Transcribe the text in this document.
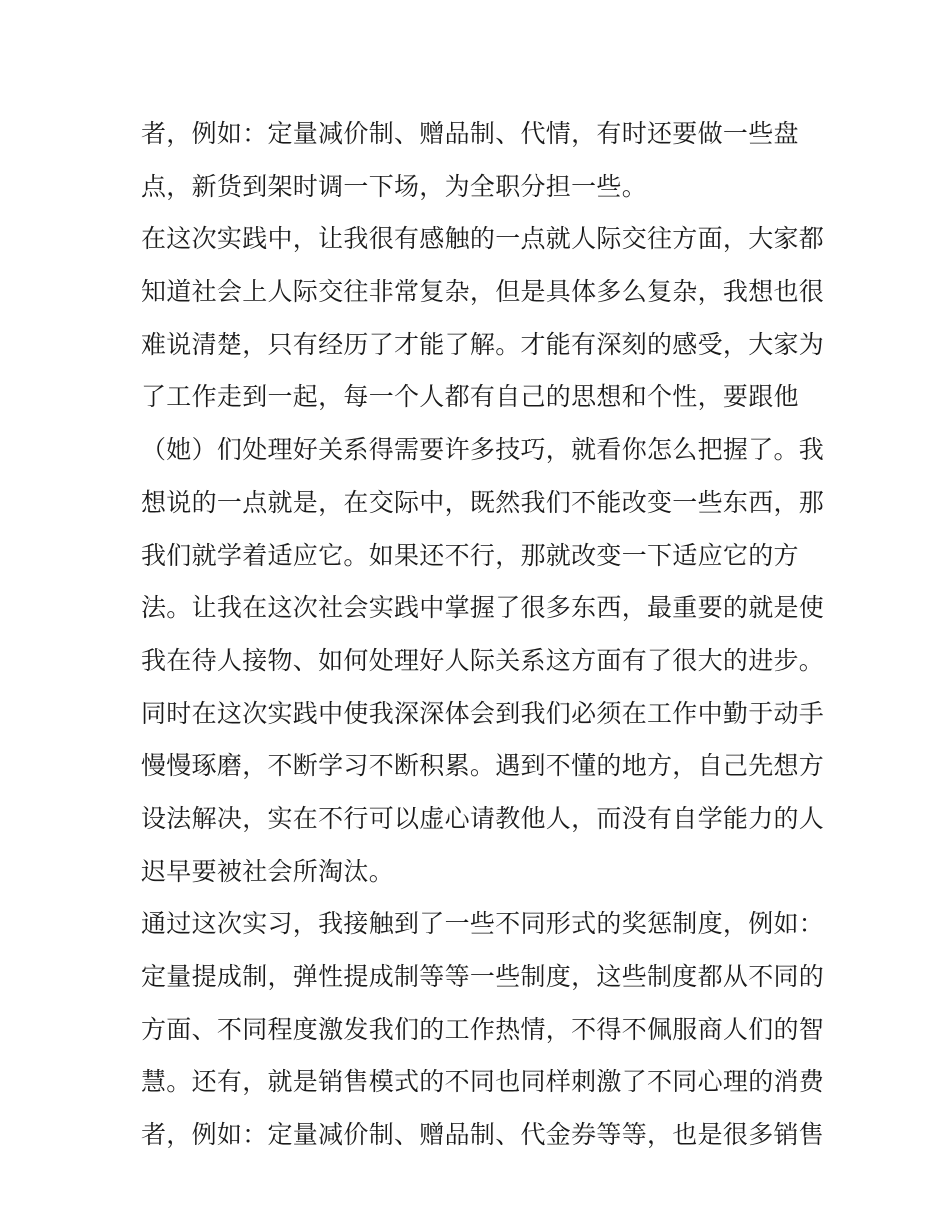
者，例如：定量减价制、赠品制、代情，有时还要做一些盘
点，新货到架时调一下场，为全职分担一些。
在这次实践中，让我很有感触的一点就人际交往方面，大家都
知道社会上人际交往非常复杂，但是具体多么复杂，我想也很
难说清楚，只有经历了才能了解。才能有深刻的感受，大家为
了工作走到一起，每一个人都有自己的思想和个性，要跟他
（她）们处理好关系得需要许多技巧，就看你怎么把握了。我
想说的一点就是，在交际中，既然我们不能改变一些东西，那
我们就学着适应它。如果还不行，那就改变一下适应它的方
法。让我在这次社会实践中掌握了很多东西，最重要的就是使
我在待人接物、如何处理好人际关系这方面有了很大的进步。
同时在这次实践中使我深深体会到我们必须在工作中勤于动手
慢慢琢磨，不断学习不断积累。遇到不懂的地方，自己先想方
设法解决，实在不行可以虚心请教他人，而没有自学能力的人
迟早要被社会所淘汰。
通过这次实习，我接触到了一些不同形式的奖惩制度，例如：
定量提成制，弹性提成制等等一些制度，这些制度都从不同的
方面、不同程度激发我们的工作热情，不得不佩服商人们的智
慧。还有，就是销售模式的不同也同样刺激了不同心理的消费
者，例如：定量减价制、赠品制、代金券等等，也是很多销售
